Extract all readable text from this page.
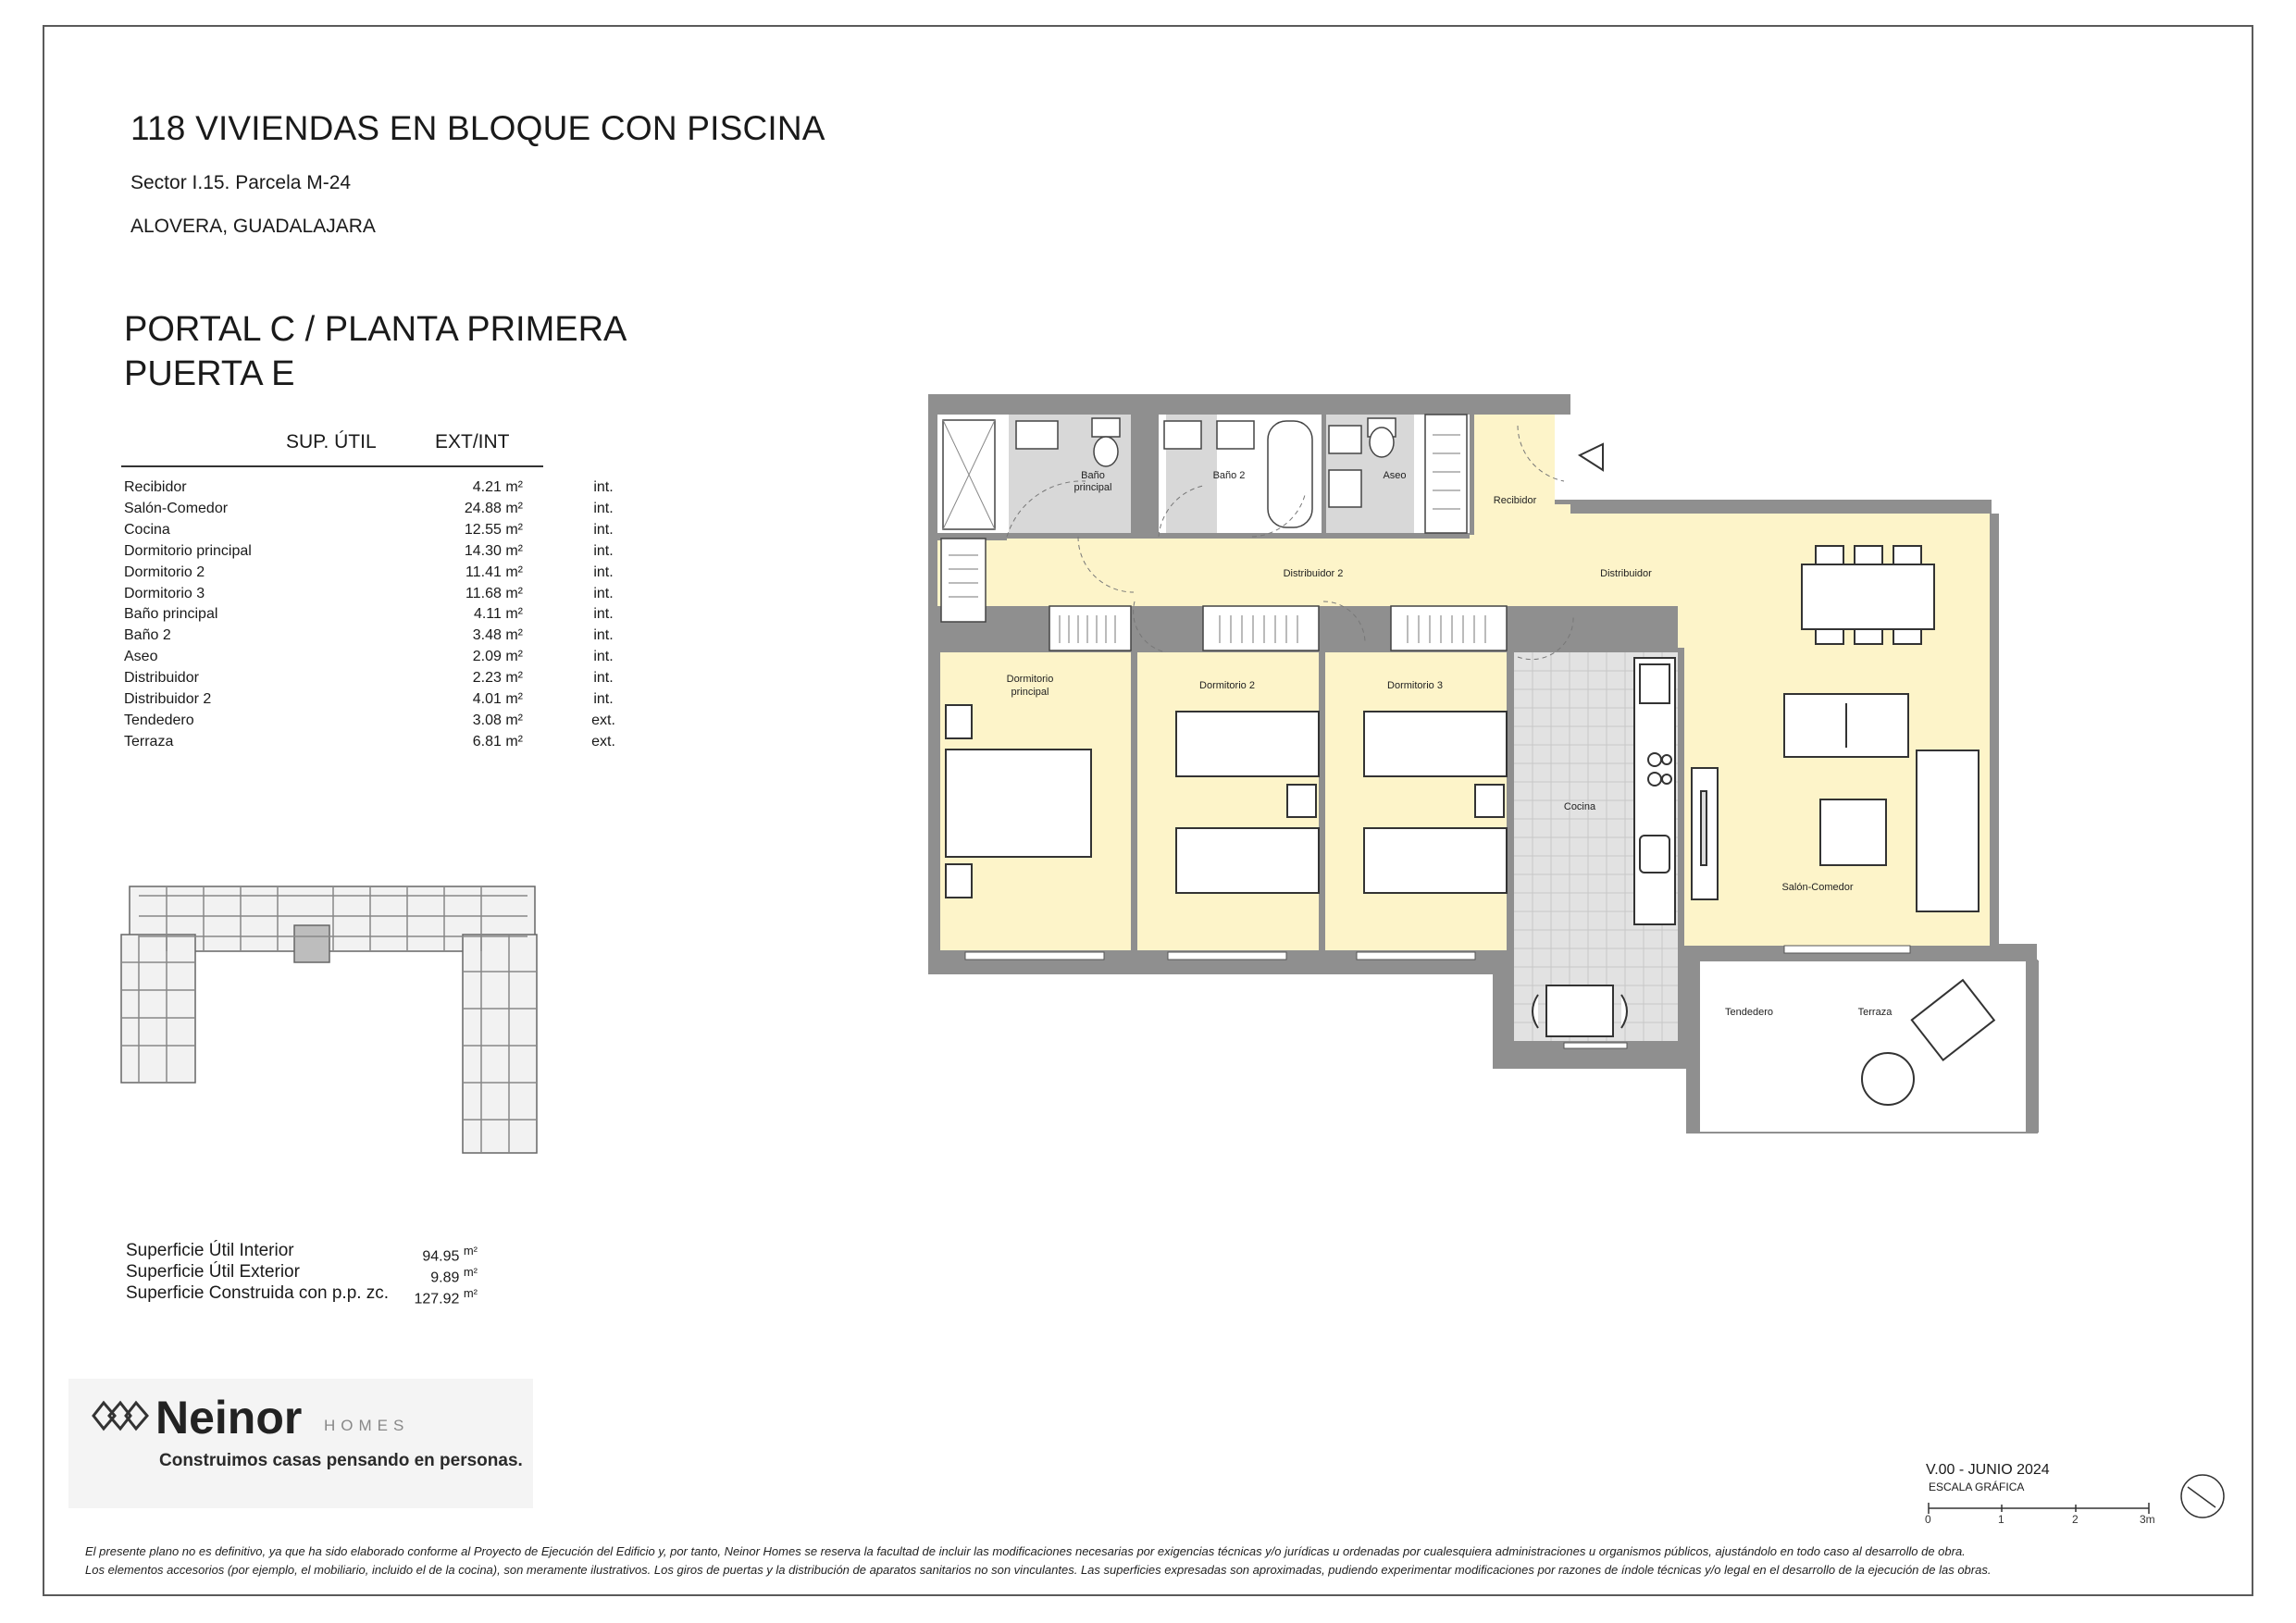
118 VIVIENDAS EN BLOQUE CON PISCINA
Sector I.15. Parcela M-24
ALOVERA, GUADALAJARA
PORTAL C / PLANTA PRIMERA
PUERTA E
SUP. ÚTIL	EXT/INT
Recibidor	4.21 m²	int.
Salón-Comedor	24.88 m²	int.
Cocina	12.55 m²	int.
Dormitorio principal	14.30 m²	int.
Dormitorio 2	11.41 m²	int.
Dormitorio 3	11.68 m²	int.
Baño principal	4.11 m²	int.
Baño 2	3.48 m²	int.
Aseo	2.09 m²	int.
Distribuidor	2.23 m²	int.
Distribuidor 2	4.01 m²	int.
Tendedero	3.08 m²	ext.
Terraza	6.81 m²	ext.
Superficie Útil Interior	94.95 $^{m^2}$
Superficie Útil Exterior	9.89 $^{m^2}$
Superficie Construida con p.p. zc. 127.92 $^{m^2}$
Neinor HOMES
Construimos casas pensando en personas.
Baño
principal
Baño 2	Aseo
Recibidor
Distribuidor 2	Distribuidor
Dormitorio
principal
Dormitorio 2	Dormitorio 3
Cocina
Salón-Comedor
Tendedero	Terraza
0	1	2	3m
V.00 - JUNIO 2024
ESCALA GRÁFICA
El presente plano no es definitivo, ya que ha sido elaborado conforme al Proyecto de Ejecución del Edificio y, por tanto, Neinor Homes se reserva la facultad de incluir las modificaciones necesarias por exigencias técnicas y/o jurídicas u ordenadas por cualesquiera administraciones u organismos públicos, ajustándolo en todo caso al desarrollo de obra.
Los elementos accesorios (por ejemplo, el mobiliario, incluido el de la cocina), son meramente ilustrativos. Los giros de puertas y la distribución de aparatos sanitarios no son vinculantes. Las superficies expresadas son aproximadas, pudiendo experimentar modificaciones por razones de índole técnicas y/o legal en el desarrollo de la ejecución de las obras.
